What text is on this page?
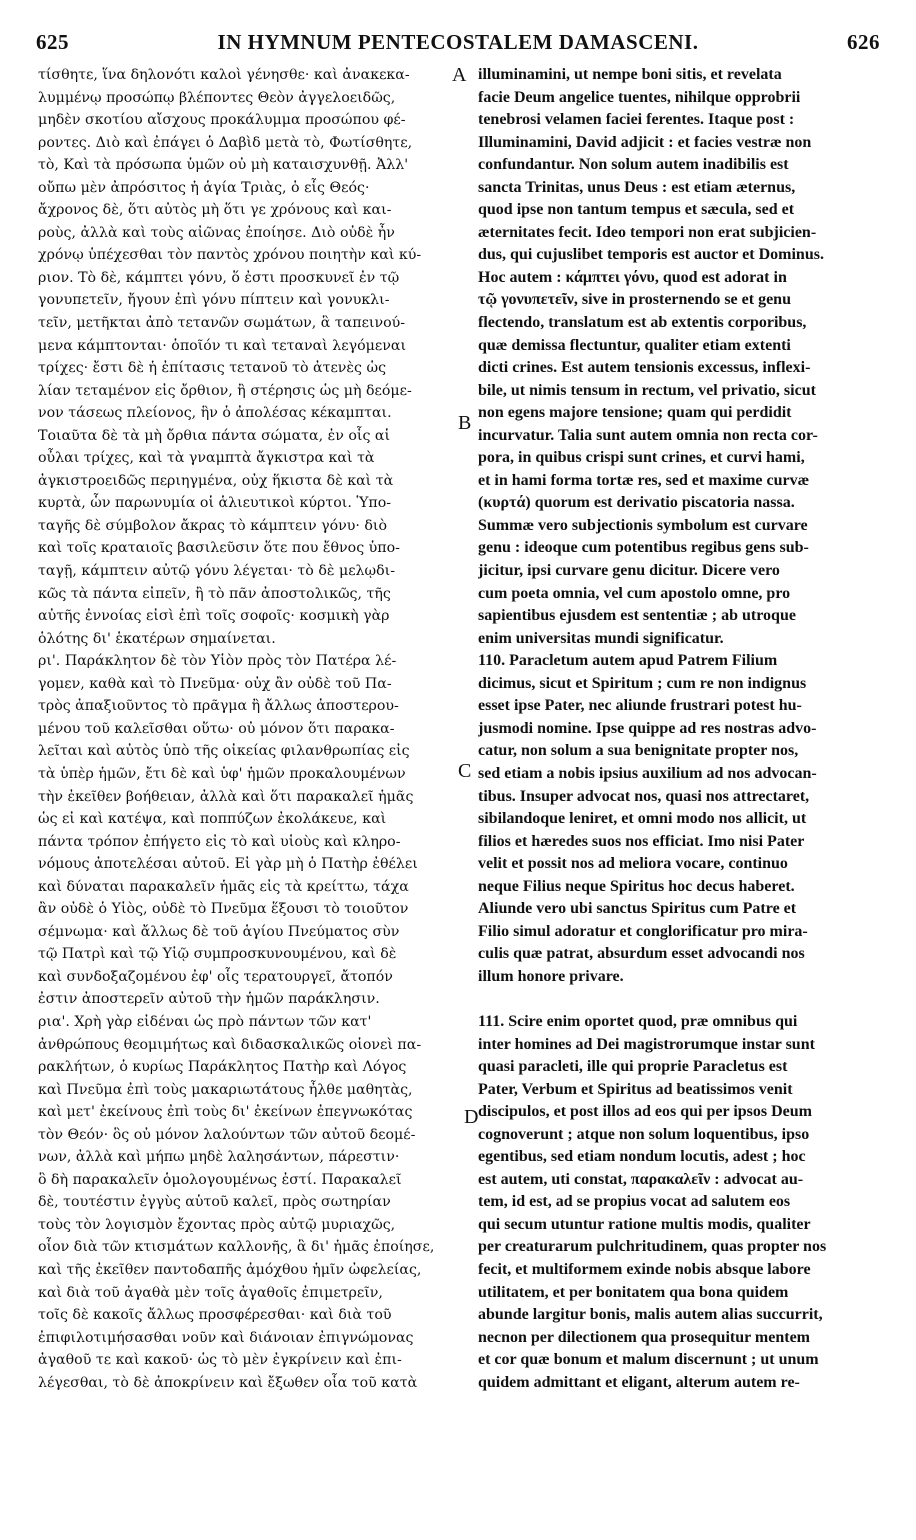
625	IN HYMNUM PENTECOSTALEM DAMASCENI.	626
τίσθητε, ἵνα δηλονότι καλοὶ γένησθε· καὶ ἀνακεκα-
λυμμένῳ προσώπῳ βλέποντες Θεὸν ἀγγελοειδῶς,
μηδὲν σκοτίου αἴσχους προκάλυμμα προσώπου φέ-
ροντες. Διὸ καὶ ἐπάγει ὁ Δαβὶδ μετὰ τὸ, Φωτίσθητε,
τὸ, Καὶ τὰ πρόσωπα ὑμῶν οὐ μὴ καταισχυνθῇ. Ἀλλ'
οὔπω μὲν ἀπρόσιτος ἡ ἁγία Τριὰς, ὁ εἷς Θεός·
ἄχρονος δὲ, ὅτι αὐτὸς μὴ ὅτι γε χρόνους καὶ και-
ροὺς, ἀλλὰ καὶ τοὺς αἰῶνας ἐποίησε. Διὸ οὐδὲ ἦν
χρόνῳ ὑπέχεσθαι τὸν παντὸς χρόνου ποιητὴν καὶ κύ-
ριον. Τὸ δὲ, κάμπτει γόνυ, ὅ ἐστι προσκυνεῖ ἐν τῷ
γονυπετεῖν, ἤγουν ἐπὶ γόνυ πίπτειν καὶ γονυκλι-
τεῖν, μετῆκται ἀπὸ τετανῶν σωμάτων, ἃ ταπεινού-
μενα κάμπτονται· ὁποῖόν τι καὶ τεταναὶ λεγόμεναι
τρίχες· ἔστι δὲ ἡ ἐπίτασις τετανοῦ τὸ ἀτενὲς ὡς
λίαν τεταμένον εἰς ὄρθιον, ἢ στέρησις ὡς μὴ δεόμε-
νον τάσεως πλείονος, ἣν ὁ ἀπολέσας κέκαμπται.
Τοιαῦτα δὲ τὰ μὴ ὄρθια πάντα σώματα, ἐν οἷς αἱ
οὖλαι τρίχες, καὶ τὰ γναμπτὰ ἄγκιστρα καὶ τὰ
ἀγκιστροειδῶς περιηγμένα, οὐχ ἥκιστα δὲ καὶ τὰ
κυρτὰ, ὧν παρωνυμία οἱ ἁλιευτικοὶ κύρτοι. Ὑπο-
ταγῆς δὲ σύμβολον ἄκρας τὸ κάμπτειν γόνυ· διὸ
καὶ τοῖς κραταιοῖς βασιλεῦσιν ὅτε που ἔθνος ὑπο-
ταγῇ, κάμπτειν αὐτῷ γόνυ λέγεται· τὸ δὲ μελῳδι-
κῶς τὰ πάντα εἰπεῖν, ἢ τὸ πᾶν ἀποστολικῶς, τῆς
αὐτῆς ἐννοίας εἰσὶ ἐπὶ τοῖς σοφοῖς· κοσμικὴ γὰρ
ὁλότης δι' ἑκατέρων σημαίνεται.
ρι'. Παράκλητον δὲ τὸν Υἱὸν πρὸς τὸν Πατέρα λέ-
γομεν, καθὰ καὶ τὸ Πνεῦμα· οὐχ ἂν οὐδὲ τοῦ Πα-
τρὸς ἀπαξιοῦντος τὸ πρᾶγμα ἢ ἄλλως ἀποστερου-
μένου τοῦ καλεῖσθαι οὕτω· οὐ μόνον ὅτι παρακα-
λεῖται καὶ αὐτὸς ὑπὸ τῆς οἰκείας φιλανθρωπίας εἰς
τὰ ὑπὲρ ἡμῶν, ἔτι δὲ καὶ ὑφ' ἡμῶν προκαλουμένων
τὴν ἐκεῖθεν βοήθειαν, ἀλλὰ καὶ ὅτι παρακαλεῖ ἡμᾶς
ὡς εἰ καὶ κατέψα, καὶ ποππύζων ἐκολάκευε, καὶ
πάντα τρόπον ἐπήγετο εἰς τὸ καὶ υἱοὺς καὶ κληρο-
νόμους ἀποτελέσαι αὐτοῦ. Εἰ γὰρ μὴ ὁ Πατὴρ ἐθέλει
καὶ δύναται παρακαλεῖν ἡμᾶς εἰς τὰ κρείττω, τάχα
ἂν οὐδὲ ὁ Υἱὸς, οὐδὲ τὸ Πνεῦμα ἕξουσι τὸ τοιοῦτον
σέμνωμα· καὶ ἄλλως δὲ τοῦ ἁγίου Πνεύματος σὺν
τῷ Πατρὶ καὶ τῷ Υἱῷ συμπροσκυνουμένου, καὶ δὲ
καὶ συνδοξαζομένου ἐφ' οἷς τερατουργεῖ, ἄτοπόν
ἐστιν ἀποστερεῖν αὐτοῦ τὴν ἡμῶν παράκλησιν.
ρια'. Χρὴ γὰρ εἰδέναι ὡς πρὸ πάντων τῶν κατ'
ἀνθρώπους θεομιμήτως καὶ διδασκαλικῶς οἱονεὶ πα-
ρακλήτων, ὁ κυρίως Παράκλητος Πατὴρ καὶ Λόγος
καὶ Πνεῦμα ἐπὶ τοὺς μακαριωτάτους ἦλθε μαθητὰς,
καὶ μετ' ἐκείνους ἐπὶ τοὺς δι' ἐκείνων ἐπεγνωκότας
τὸν Θεόν· ὃς οὐ μόνον λαλούντων τῶν αὐτοῦ δεομέ-
νων, ἀλλὰ καὶ μήπω μηδὲ λαλησάντων, πάρεστιν·
ὃ δὴ παρακαλεῖν ὁμολογουμένως ἐστί. Παρακαλεῖ
δὲ, τουτέστιν ἐγγὺς αὑτοῦ καλεῖ, πρὸς σωτηρίαν
τοὺς τὸν λογισμὸν ἔχοντας πρὸς αὐτῷ μυριαχῶς,
οἷον διὰ τῶν κτισμάτων καλλονῆς, ἃ δι' ἡμᾶς ἐποίησε,
καὶ τῆς ἐκεῖθεν παντοδαπῆς ἀμόχθου ἡμῖν ὠφελείας,
καὶ διὰ τοῦ ἀγαθὰ μὲν τοῖς ἀγαθοῖς ἐπιμετρεῖν,
τοῖς δὲ κακοῖς ἄλλως προσφέρεσθαι· καὶ διὰ τοῦ
ἐπιφιλοτιμήσασθαι νοῦν καὶ διάνοιαν ἐπιγνώμονας
ἀγαθοῦ τε καὶ κακοῦ· ὡς τὸ μὲν ἐγκρίνειν καὶ ἐπι-
λέγεσθαι, τὸ δὲ ἀποκρίνειν καὶ ἔξωθεν οἷα τοῦ κατὰ
illuminamini, ut nempe boni sitis, et revelata
facie Deum angelice tuentes, nihilque opprobrii
tenebrosi velamen faciei ferentes. Itaque post :
Illuminamini, David adjicit : et facies vestræ non
confundantur. Non solum autem inadibilis est
sancta Trinitas, unus Deus : est etiam æternus,
quod ipse non tantum tempus et sæcula, sed et
æternitates fecit. Ideo tempori non erat subjicien-
dus, qui cujuslibet temporis est auctor et Dominus.
Hoc autem : κάμπτει γόνυ, quod est adorat in
τῷ γονυπετεῖν, sive in prosternendo se et genu
flectendo, translatum est ab extentis corporibus,
quæ demissa flectuntur, qualiter etiam extenti
dicti crines. Est autem tensionis excessus, inflexi-
bile, ut nimis tensum in rectum, vel privatio, sicut
non egens majore tensione; quam qui perdidit
incurvatur. Talia sunt autem omnia non recta cor-
pora, in quibus crispi sunt crines, et curvi hami,
et in hami forma tortæ res, sed et maxime curvæ
(κυρτά) quorum est derivatio piscatoria nassa.
Summæ vero subjectionis symbolum est curvare
genu : ideoque cum potentibus regibus gens sub-
jicitur, ipsi curvare genu dicitur. Dicere vero
cum poeta omnia, vel cum apostolo omne, pro
sapientibus ejusdem est sententiæ ; ab utroque
enim universitas mundi significatur.
110. Paracletum autem apud Patrem Filium
dicimus, sicut et Spiritum ; cum re non indignus
esset ipse Pater, nec aliunde frustrari potest hu-
jusmodi nomine. Ipse quippe ad res nostras advo-
catur, non solum a sua benignitate propter nos,
sed etiam a nobis ipsius auxilium ad nos advocan-
tibus. Insuper advocat nos, quasi nos attrectaret,
sibilandoque leniret, et omni modo nos allicit, ut
filios et hæredes suos nos efficiat. Imo nisi Pater
velit et possit nos ad meliora vocare, continuo
neque Filius neque Spiritus hoc decus haberet.
Aliunde vero ubi sanctus Spiritus cum Patre et
Filio simul adoratur et conglorificatur pro mira-
culis quæ patrat, absurdum esset advocandi nos
illum honore privare.
111. Scire enim oportet quod, præ omnibus qui
inter homines ad Dei magistrorumque instar sunt
quasi paracleti, ille qui proprie Paracletus est
Pater, Verbum et Spiritus ad beatissimos venit
discipulos, et post illos ad eos qui per ipsos Deum
cognoverunt ; atque non solum loquentibus, ipso
egentibus, sed etiam nondum locutis, adest ; hoc
est autem, uti constat, παρακαλεῖν : advocat au-
tem, id est, ad se propius vocat ad salutem eos
qui secum utuntur ratione multis modis, qualiter
per creaturarum pulchritudinem, quas propter nos
fecit, et multiformem exinde nobis absque labore
utilitatem, et per bonitatem qua bona quidem
abunde largitur bonis, malis autem alias succurrit,
necnon per dilectionem qua prosequitur mentem
et cor quæ bonum et malum discernunt ; ut unum
quidem admittant et eligant, alterum autem re-
A
B
C
D
